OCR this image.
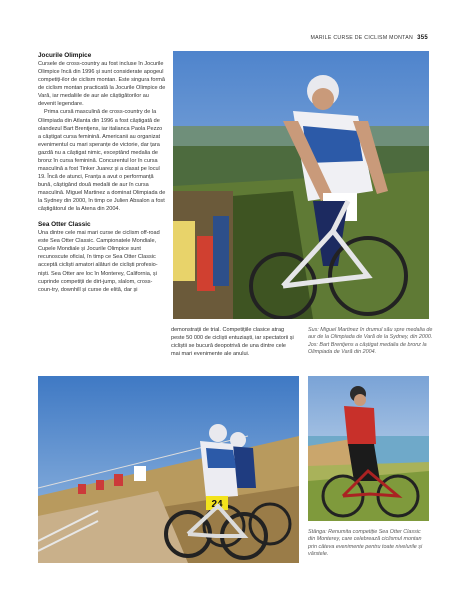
MARILE CURSE DE CICLISM MONTAN 355
Jocurile Olimpice

Cursele de cross-country au fost incluse în Jocurile Olimpice încă din 1996 și sunt considerate apogeul competiți-ilor de ciclism montan. Este singura formă de ciclism montan practicată la Jocurile Olimpice de Vară, iar medaliile de aur ale câștigătorilor au devenit legendare.

Prima cursă masculină de cross-country de la Olimpiada din Atlanta din 1996 a fost câștigată de olandezul Bart Brentjens, iar italianca Paola Pezzo a câștigat cursa feminină. Americanii au organizat evenimentul cu mari speranțe de victorie, dar țara gazdă nu a câștigat nimic, exceptând medalia de bronz în cursa feminină. Concurentul lor în cursa masculină a fost Tinker Juarez și a clasat pe locul 19. Încă de atunci, Franța a avut o performanță bună, câștigând două medalii de aur în cursa masculină. Miguel Martinez a dominat Olimpiada de la Sydney din 2000, în timp ce Julien Absalon a fost câștigătorul de la Atena din 2004.

Sea Otter Classic

Una dintre cele mai mari curse de ciclism off-road este Sea Otter Classic. Campionatele Mondiale, Cupele Mondiale și Jocurile Olimpice sunt recunoscute oficial, în timp ce Sea Otter Classic acceptă cicliști amatori alături de cicliști profesio-niști. Sea Otter are loc în Monterey, California, și cuprinde competiții de dirt-jump, slalom, cross-coun-try, downhill și curse de elită, dar și

demonstrații de trial. Competițiile clasice atrag peste 50 000 de cicliști entuziaști, iar spectatorii și cicliștii se bucură deopotrivă de una dintre cele mai mari evenimente ale anului.

Sus: Miguel Martinez în drumul său spre medalia de aur de la Olimpiada de Vară de la Sydney, din 2000.

Jos: Bart Brentjens a câștigat medalia de bronz la Olimpiada de Vară din 2004.

Stânga: Renumita competiție Sea Otter Classic din Monterey, care celebrează ciclismul montan prin câteva evenimente pentru toate nivelurile și vârstele.

24
